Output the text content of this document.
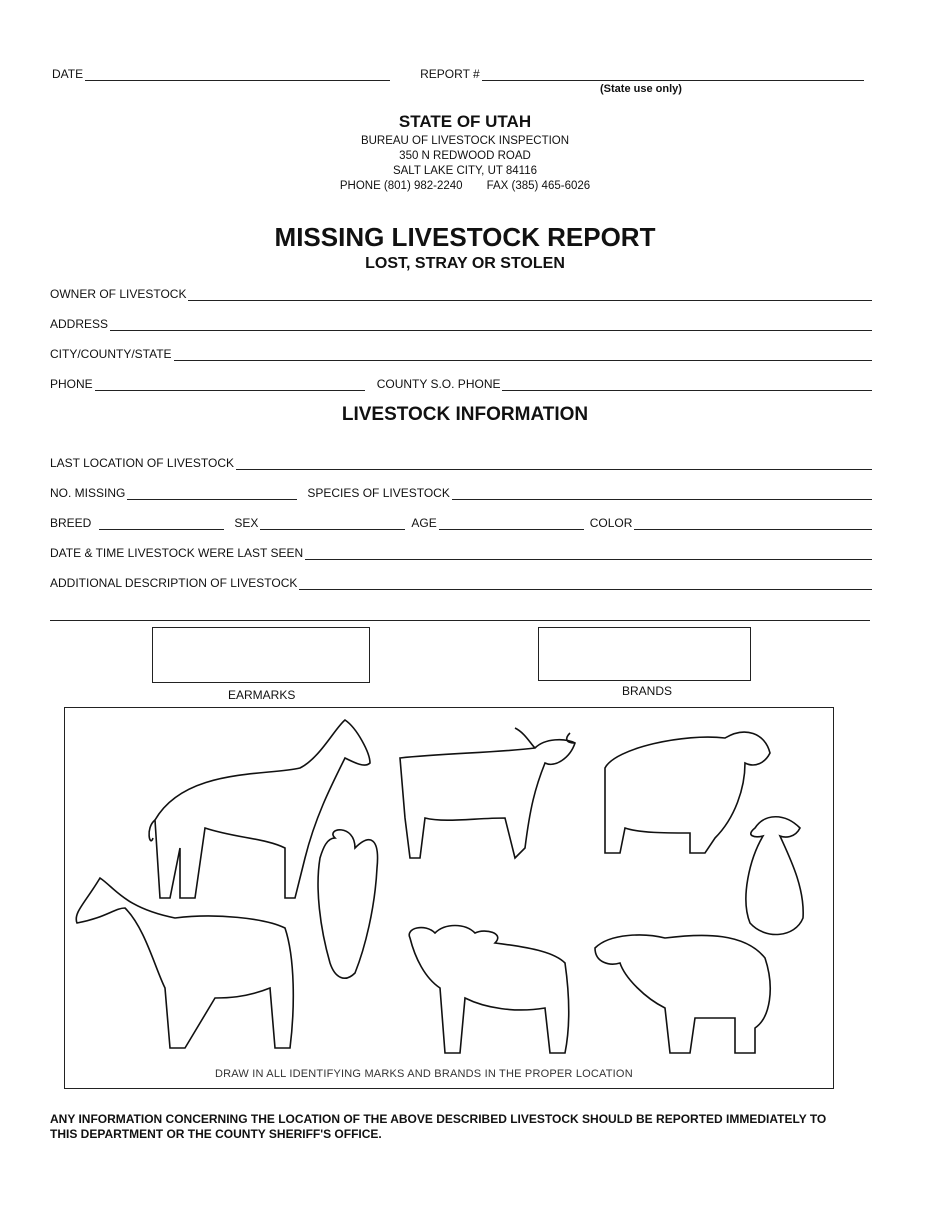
DATE	REPORT #
(State use only)
STATE OF UTAH
BUREAU OF LIVESTOCK INSPECTION
350 N REDWOOD ROAD
SALT LAKE CITY, UT 84116
PHONE (801) 982-2240 FAX (385) 465-6026
MISSING LIVESTOCK REPORT
LOST, STRAY OR STOLEN
OWNER OF LIVESTOCK
ADDRESS
CITY/COUNTY/STATE
PHONE	COUNTY S.O. PHONE
LIVESTOCK INFORMATION
LAST LOCATION OF LIVESTOCK
NO. MISSING	SPECIES OF LIVESTOCK
BREED	SEX	AGE	COLOR
DATE & TIME LIVESTOCK WERE LAST SEEN
ADDITIONAL DESCRIPTION OF LIVESTOCK
EARMARKS	BRANDS
DRAW IN ALL IDENTIFYING MARKS AND BRANDS IN THE PROPER LOCATION
ANY INFORMATION CONCERNING THE LOCATION OF THE ABOVE DESCRIBED LIVESTOCK SHOULD BE REPORTED IMMEDIATELY TO THIS DEPARTMENT OR THE COUNTY SHERIFF'S OFFICE.
